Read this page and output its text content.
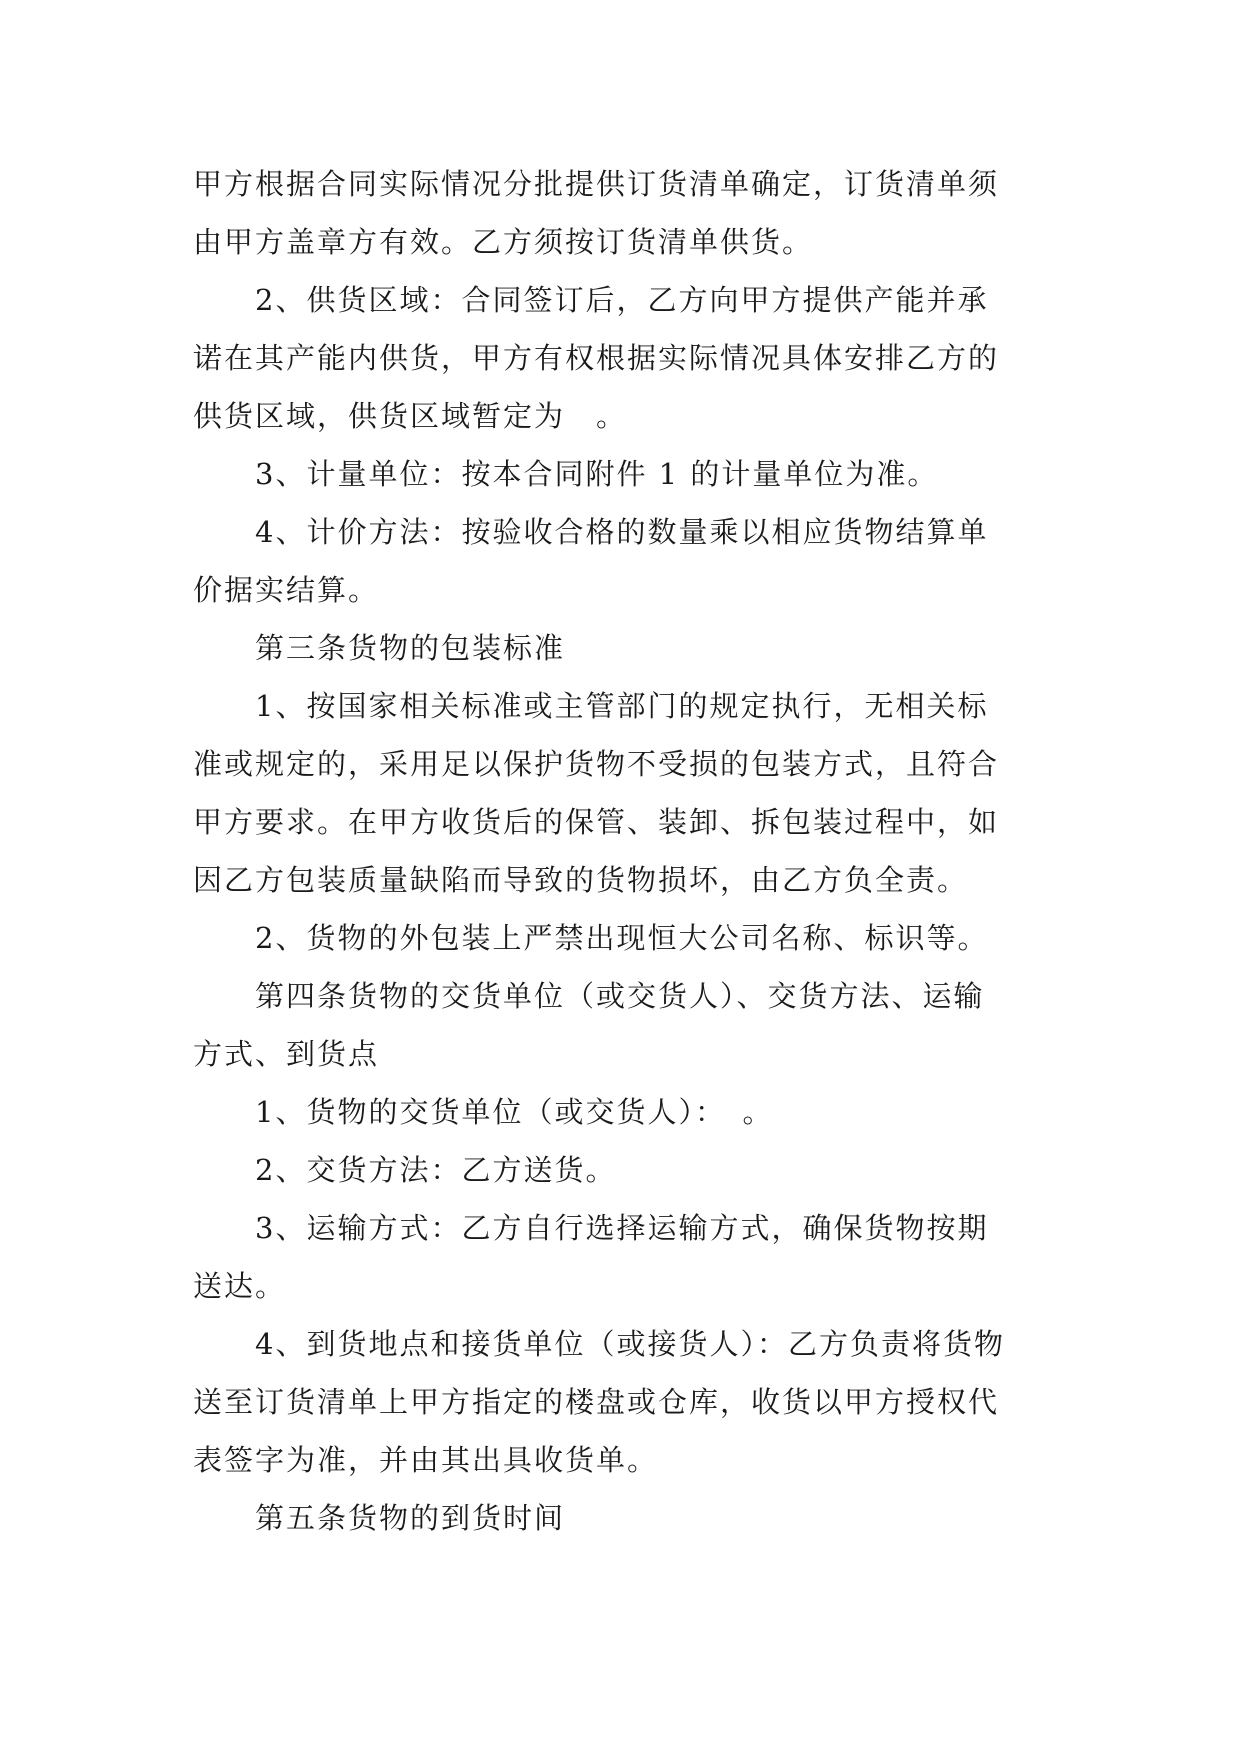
甲方根据合同实际情况分批提供订货清单确定，订货清单须
由甲方盖章方有效。乙方须按订货清单供货。
2、供货区域：合同签订后，乙方向甲方提供产能并承
诺在其产能内供货，甲方有权根据实际情况具体安排乙方的
供货区域，供货区域暂定为　。
3、计量单位：按本合同附件 1 的计量单位为准。
4、计价方法：按验收合格的数量乘以相应货物结算单
价据实结算。
第三条货物的包装标准
1、按国家相关标准或主管部门的规定执行，无相关标
准或规定的，采用足以保护货物不受损的包装方式，且符合
甲方要求。在甲方收货后的保管、装卸、拆包装过程中，如
因乙方包装质量缺陷而导致的货物损坏，由乙方负全责。
2、货物的外包装上严禁出现恒大公司名称、标识等。
第四条货物的交货单位（或交货人）、交货方法、运输
方式、到货点
1、货物的交货单位（或交货人）：　。
2、交货方法：乙方送货。
3、运输方式：乙方自行选择运输方式，确保货物按期
送达。
4、到货地点和接货单位（或接货人）：乙方负责将货物
送至订货清单上甲方指定的楼盘或仓库，收货以甲方授权代
表签字为准，并由其出具收货单。
第五条货物的到货时间
